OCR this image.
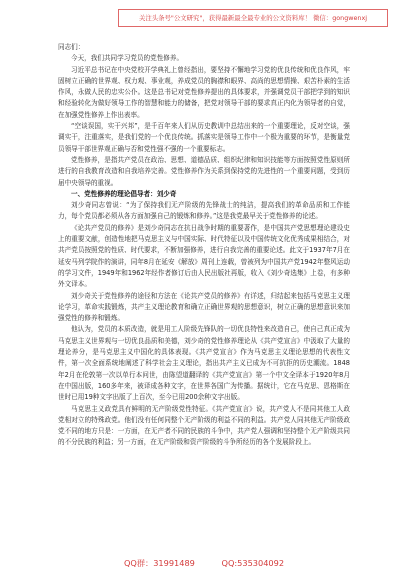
关注头条号"公文研究"，获得最新最全最专业的公文资料库！ 微信：gongwenxj

同志们：

今天，我们共同学习党员的党性修养。

习近平总书记在中央党校开学典礼上曾经指出，要坚持不懈地学习党的优良传统和优良作风，牢固树立正确的世界观、权力观、事业观，养成党员的胸襟和眼界、高尚的思想情操、艰苦朴素的生活作风，永做人民的忠实公仆。这是总书记对党性修养提出的具体要求，并强调党员干部把学到的知识和经验转化为做好领导工作的智慧和能力的储备，把党对领导干部的要求真正内化为领导者的自觉，在加强党性修养上作出表率。

“空谈误国，实干兴邦”，是千百年来人们从历史教训中总结出来的一个重要理论，反对空谈，强调实干，注重落实，是我们党的一个优良传统。抓落实是领导工作中一个极为重要的环节，是衡量党员领导干部世界观正确与否和党性强不强的一个重要标志。

党性修养，是指共产党员在政治、思想、道德品质、组织纪律和知识技能等方面按照党性原则所进行的自我教育改造和自我培养完善。党性修养作为关系到保持党的先进性的一个重要问题，受到历届中央领导的重视。

一、党性修养的理论倡导者：刘少奇

刘少奇同志曾说：“为了保持我们无产阶级的先锋战士的纯洁，提高我们的革命品质和工作能力，每个党员都必须从各方面加强自己的锻炼和修养。”这是我党最早关于党性修养的论述。

《论共产党员的修养》是刘少奇同志在抗日战争时期的重要著作，是中国共产党思想理论建设史上的重要文献，创造性地把马克思主义与中国实际、时代特征以及中国传统文化优秀成果相结合，对共产党员按照党的性质、时代要求，不断加强修养，进行自我完善的重要论述。此文于1937年7月在延安马列学院作的演讲，同年8月在延安《解放》周刊上连载，曾被列为中国共产党1942年整风运动的学习文件，1949年和1962年经作者修订后由人民出版社再版，收入《刘少奇选集》上卷，有多种外文译本。

刘少奇关于党性修养的途径和方法在《论共产党员的修养》有详述，归结起来包括马克思主义理论学习，革命实践锻炼，共产主义理论教育和确立正确世界观的思想意识，树立正确的思想意识来加强党性的修养和锻炼。

他认为，党员的本质改造，就是用工人阶级先锋队的一切优良特性来改造自己，使自己真正成为马克思主义世界观与一切优良品质和美德，刘少奇的党性修养理论从《共产党宣言》中汲取了大量的理论养分，是马克思主义中国化的具体表现。《共产党宣言》作为马克思主义理论思想的代表性文件，第一次全面系统地阐述了科学社会主义理论，指出共产主义已成为不可抗拒的历史潮流。1848年2月在伦敦第一次以单行本问世，由陈望道翻译的《共产党宣言》第一个中文全译本于1920年8月在中国出版，160多年来，被译成各种文字，在世界各国广为传播。据统计，它在马克思、恩格斯在世时已用19种文字出版了上百次，至今已用200余种文字出版。

马克思主义政党具有鲜明的无产阶级党性特征。《共产党宣言》说，共产党人不是同其他工人政党相对立的特殊政党。他们没有任何同整个无产阶级的利益不同的利益。共产党人同其他无产阶级政党不同的地方只是：一方面，在无产者不同的民族的斗争中，共产党人强调和坚持整个无产阶级共同的不分民族的利益；另一方面，在无产阶级和资产阶级的斗争所经历的各个发展阶段上。

QQ群：31991489	QQ:535304092
